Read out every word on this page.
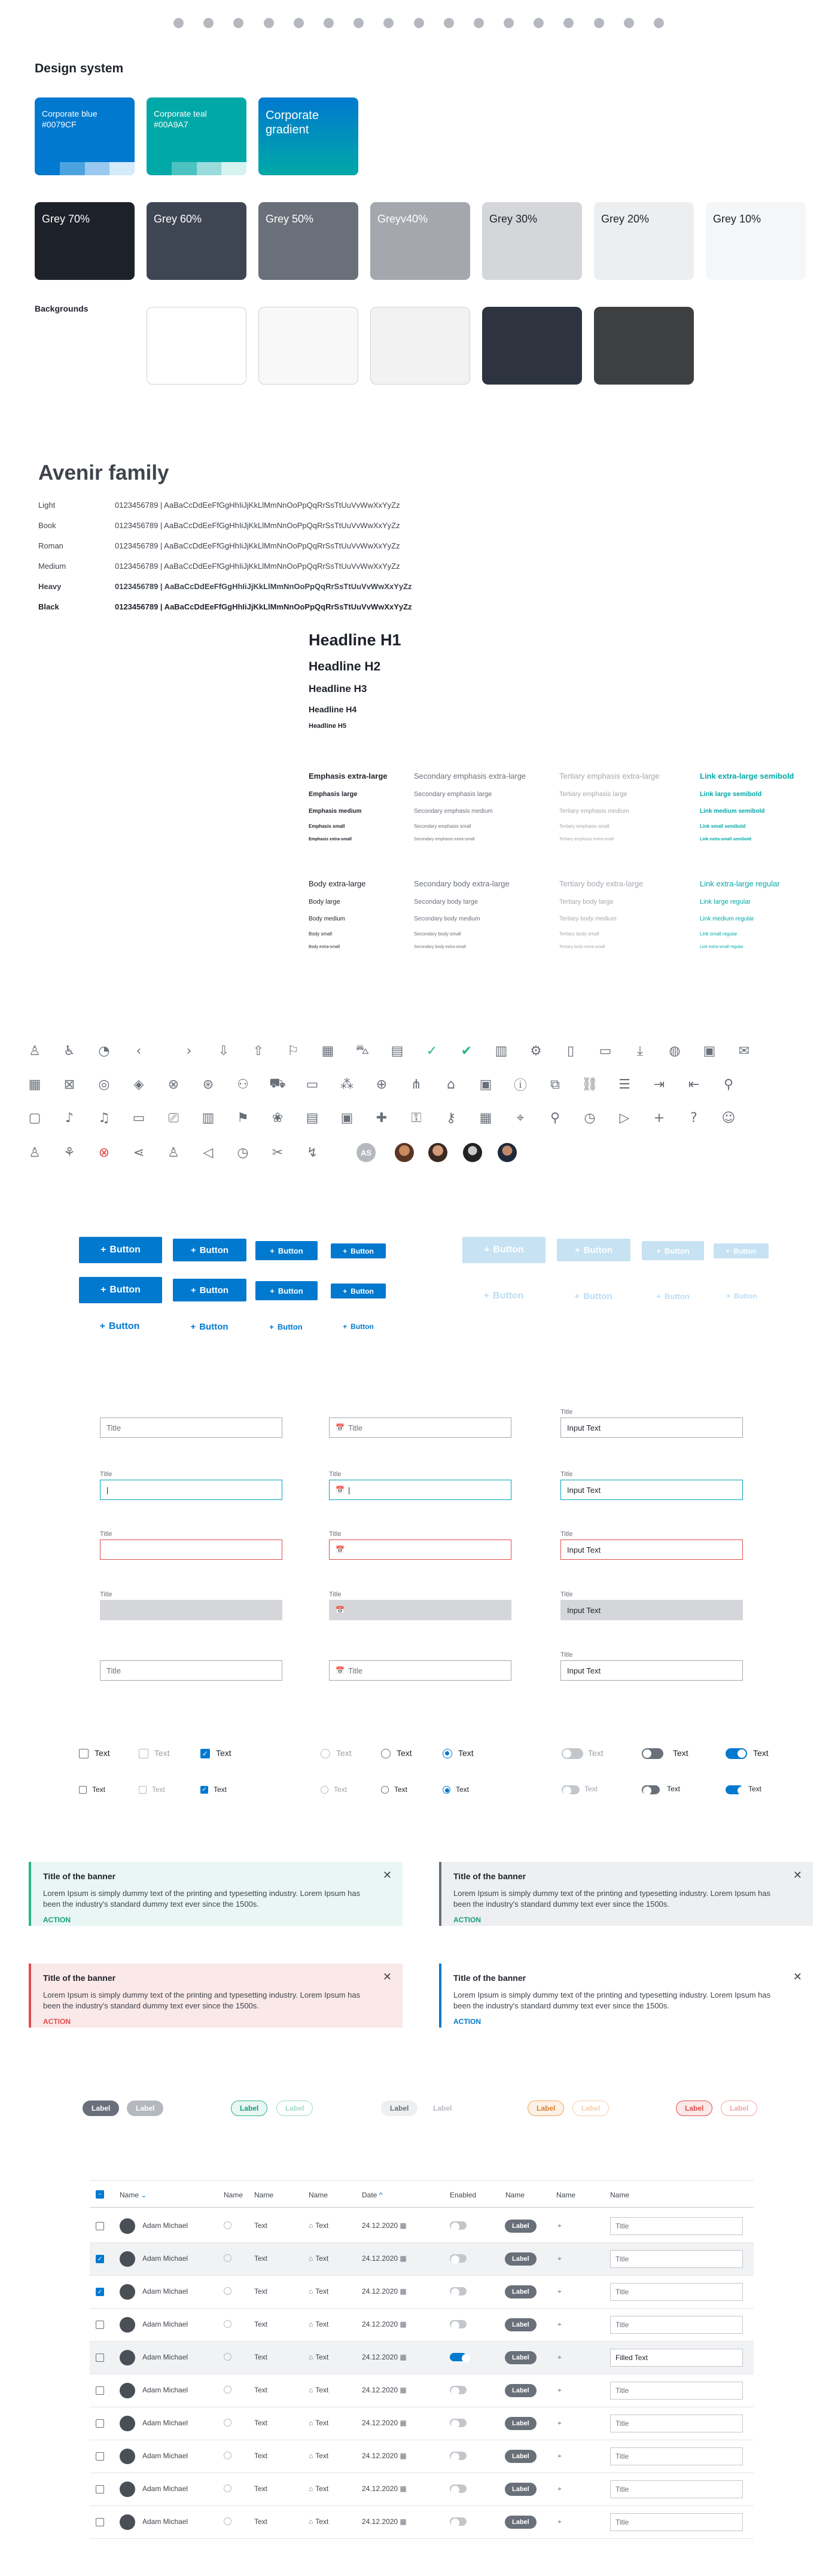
Design system
Corporate blue
#0079CF
Corporate teal
#00A9A7
Corporate gradient
Grey 70%	Grey 60%	Grey 50%	Greyv40%	Grey 30%	Grey 20%	Grey 10%
Backgrounds
Avenir family
Light	0123456789 | AaBaCcDdEeFfGgHhIiJjKkLlMmNnOoPpQqRrSsTtUuVvWwXxYyZz
Book	0123456789 | AaBaCcDdEeFfGgHhIiJjKkLlMmNnOoPpQqRrSsTtUuVvWwXxYyZz
Roman	0123456789 | AaBaCcDdEeFfGgHhIiJjKkLlMmNnOoPpQqRrSsTtUuVvWwXxYyZz
Medium	0123456789 | AaBaCcDdEeFfGgHhIiJjKkLlMmNnOoPpQqRrSsTtUuVvWwXxYyZz
Heavy	0123456789 | AaBaCcDdEeFfGgHhIiJjKkLlMmNnOoPpQqRrSsTtUuVvWwXxYyZz
Black	0123456789 | AaBaCcDdEeFfGgHhIiJjKkLlMmNnOoPpQqRrSsTtUuVvWwXxYyZz
Headline H1
Headline H2
Headline H3
Headline H4
Headline H5
Emphasis extra-large
Emphasis large
Emphasis medium
Emphasis small
Emphasis extra-small
Secondary emphasis extra-large
Secondary emphasis large
Secondary emphasis medium
Secondary emphasis small
Secondary emphasis extra-small
Tertiary emphasis extra-large
Tertiary emphasis large
Tertiary emphasis medium
Tertiary emphasis small
Tertiary emphasis extra-small
Link extra-large semibold
Link large semibold
Link medium semibold
Link small semibold
Link extra-small semibold
Body extra-large
Body large
Body medium
Body small
Body extra-small
Secondary body extra-large
Secondary body large
Secondary body medium
Secondary body small
Secondary body extra-small
Tertiary body extra-large
Tertiary body large
Tertiary body medium
Tertiary body small
Tertiary body extra-small
Link extra-large regular
Link large regular
Link medium regular
Link small regular
Link extra-small regular
♙ ♿ ◔	‹	›	⇩	⇧	⚐ ▦ ⛍ ▤	✓	✔	▥ ⚙	▯	▭	⤓	◍ ▣	✉
▦	⊠	◎	◈	⊗	⊛	⚇ ⛟ ▭ ⁂	⊕	⋔	⌂	▣ ⓘ	⧉	⛓ ☰	⇥	⇤	⚲
▢	♪	♫ ▭	⎚	▥ ⚑	❀	▤ ▣	✚	⚿	⚷	▦	⌖	⚲	◷	▷	+	?	☺
♙ ⚘	⊗	⋖	♙	◁	◷	✂	↯	AS
+ Button	+ Button	+ Button	+ Button
+ Button	+ Button	+ Button	+ Button
+ Button	+ Button	+ Button	+ Button
+ Button	+ Button	+ Button	+ Button
+ Button	+ Button	+ Button	+ Button
Title
Title
|
Title
Title
Title
📅 Title
Title
📅 |
Title
📅
Title
📅
📅 Title
Title
Input Text
Title
Input Text
Title
Input Text
Title
Input Text
Title
Input Text
Text	Text	✓ Text
Text	Text	✓ Text
Text	Text	Text
Text	Text	Text
Text	Text	Text
Text	Text	Text
Title of the banner
Lorem Ipsum is simply dummy text of the printing and typesetting industry. Lorem Ipsum has been the industry's standard dummy text ever since the 1500s.
ACTION
✕	Title of the banner
Lorem Ipsum is simply dummy text of the printing and typesetting industry. Lorem Ipsum has been the industry's standard dummy text ever since the 1500s.
ACTION
✕
Title of the banner
Lorem Ipsum is simply dummy text of the printing and typesetting industry. Lorem Ipsum has been the industry's standard dummy text ever since the 1500s.
ACTION
✕	Title of the banner
Lorem Ipsum is simply dummy text of the printing and typesetting industry. Lorem Ipsum has been the industry's standard dummy text ever since the 1500s.
ACTION
✕
Label	Label	Label	Label	Label	Label	Label	Label	Label	Label
−	Name ⌄	Name Name	Name	Date ^	Enabled	Name	Name	Name
Adam Michael	Text	⌂ Text	24.12.2020 ▦	Label	⌖	Title
✓	Adam Michael	Text	⌂ Text	24.12.2020 ▦	Label	⌖	Title
✓	Adam Michael	Text	⌂ Text	24.12.2020 ▦	Label	⌖	Title
Adam Michael	Text	⌂ Text	24.12.2020 ▦	Label	⌖	Title
Adam Michael	Text	⌂ Text	24.12.2020 ▦	Label	⌖	Filled Text
Adam Michael	Text	⌂ Text	24.12.2020 ▦	Label	⌖	Title
Adam Michael	Text	⌂ Text	24.12.2020 ▦	Label	⌖	Title
Adam Michael	Text	⌂ Text	24.12.2020 ▦	Label	⌖	Title
Adam Michael	Text	⌂ Text	24.12.2020 ▦	Label	⌖	Title
Adam Michael	Text	⌂ Text	24.12.2020 ▦	Label	⌖	Title
